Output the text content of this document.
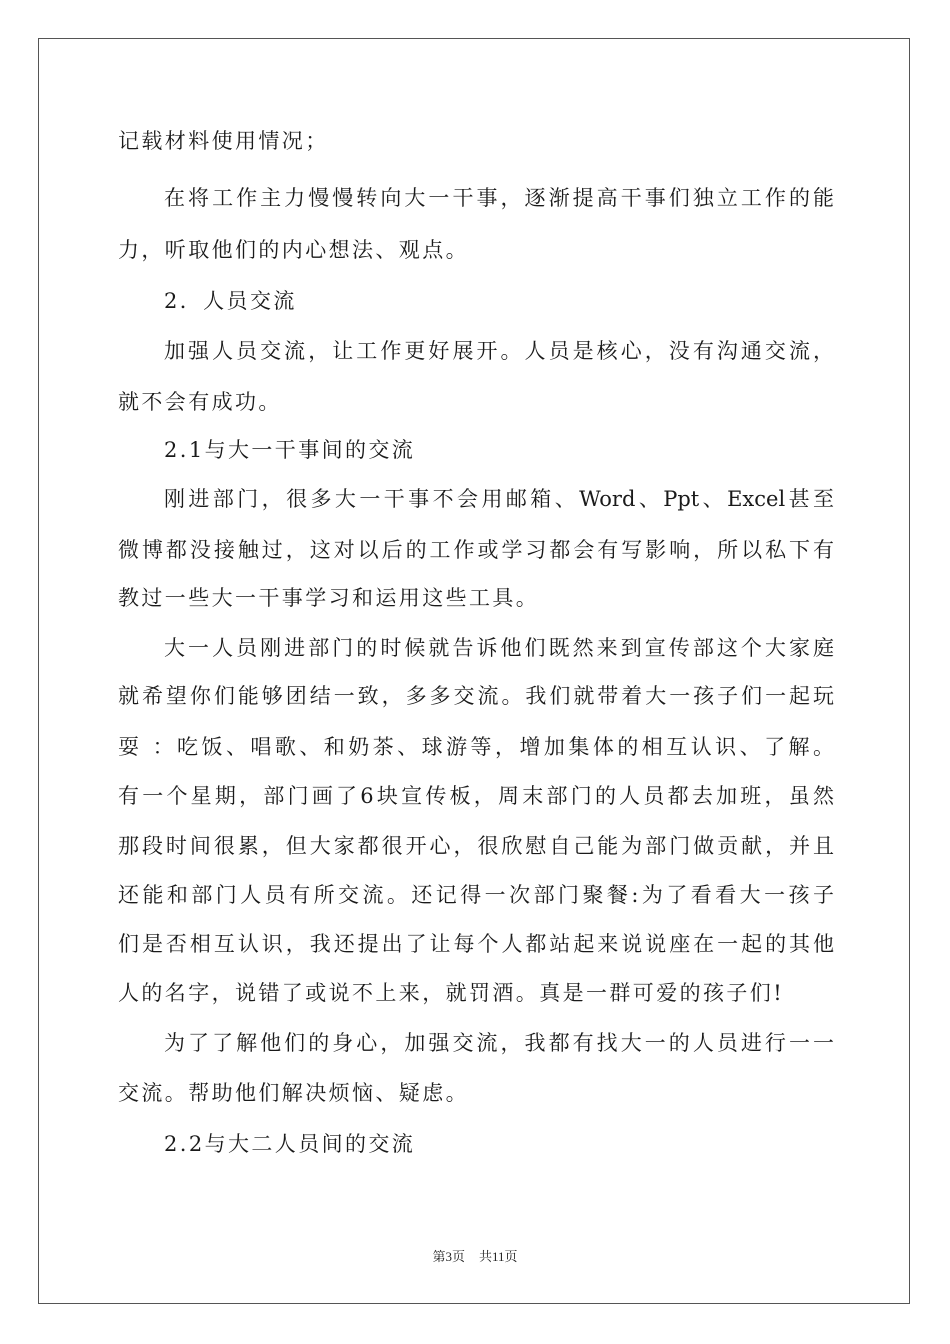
记载材料使用情况；
在将工作主力慢慢转向大一干事，逐渐提高干事们独立工作的能
力，听取他们的内心想法、观点。
2．人员交流
加强人员交流，让工作更好展开。人员是核心，没有沟通交流，
就不会有成功。
2.1与大一干事间的交流
刚进部门，很多大一干事不会用邮箱、Word、Ppt、Excel甚至
微博都没接触过，这对以后的工作或学习都会有写影响，所以私下有
教过一些大一干事学习和运用这些工具。
大一人员刚进部门的时候就告诉他们既然来到宣传部这个大家庭
就希望你们能够团结一致，多多交流。我们就带着大一孩子们一起玩
耍 ：吃饭、唱歌、和奶茶、球游等，增加集体的相互认识、了解。
有一个星期，部门画了6块宣传板，周末部门的人员都去加班，虽然
那段时间很累，但大家都很开心，很欣慰自己能为部门做贡献，并且
还能和部门人员有所交流。还记得一次部门聚餐:为了看看大一孩子
们是否相互认识，我还提出了让每个人都站起来说说座在一起的其他
人的名字，说错了或说不上来，就罚酒。真是一群可爱的孩子们!
为了了解他们的身心，加强交流，我都有找大一的人员进行一一
交流。帮助他们解决烦恼、疑虑。
2.2与大二人员间的交流
第3页 共11页
